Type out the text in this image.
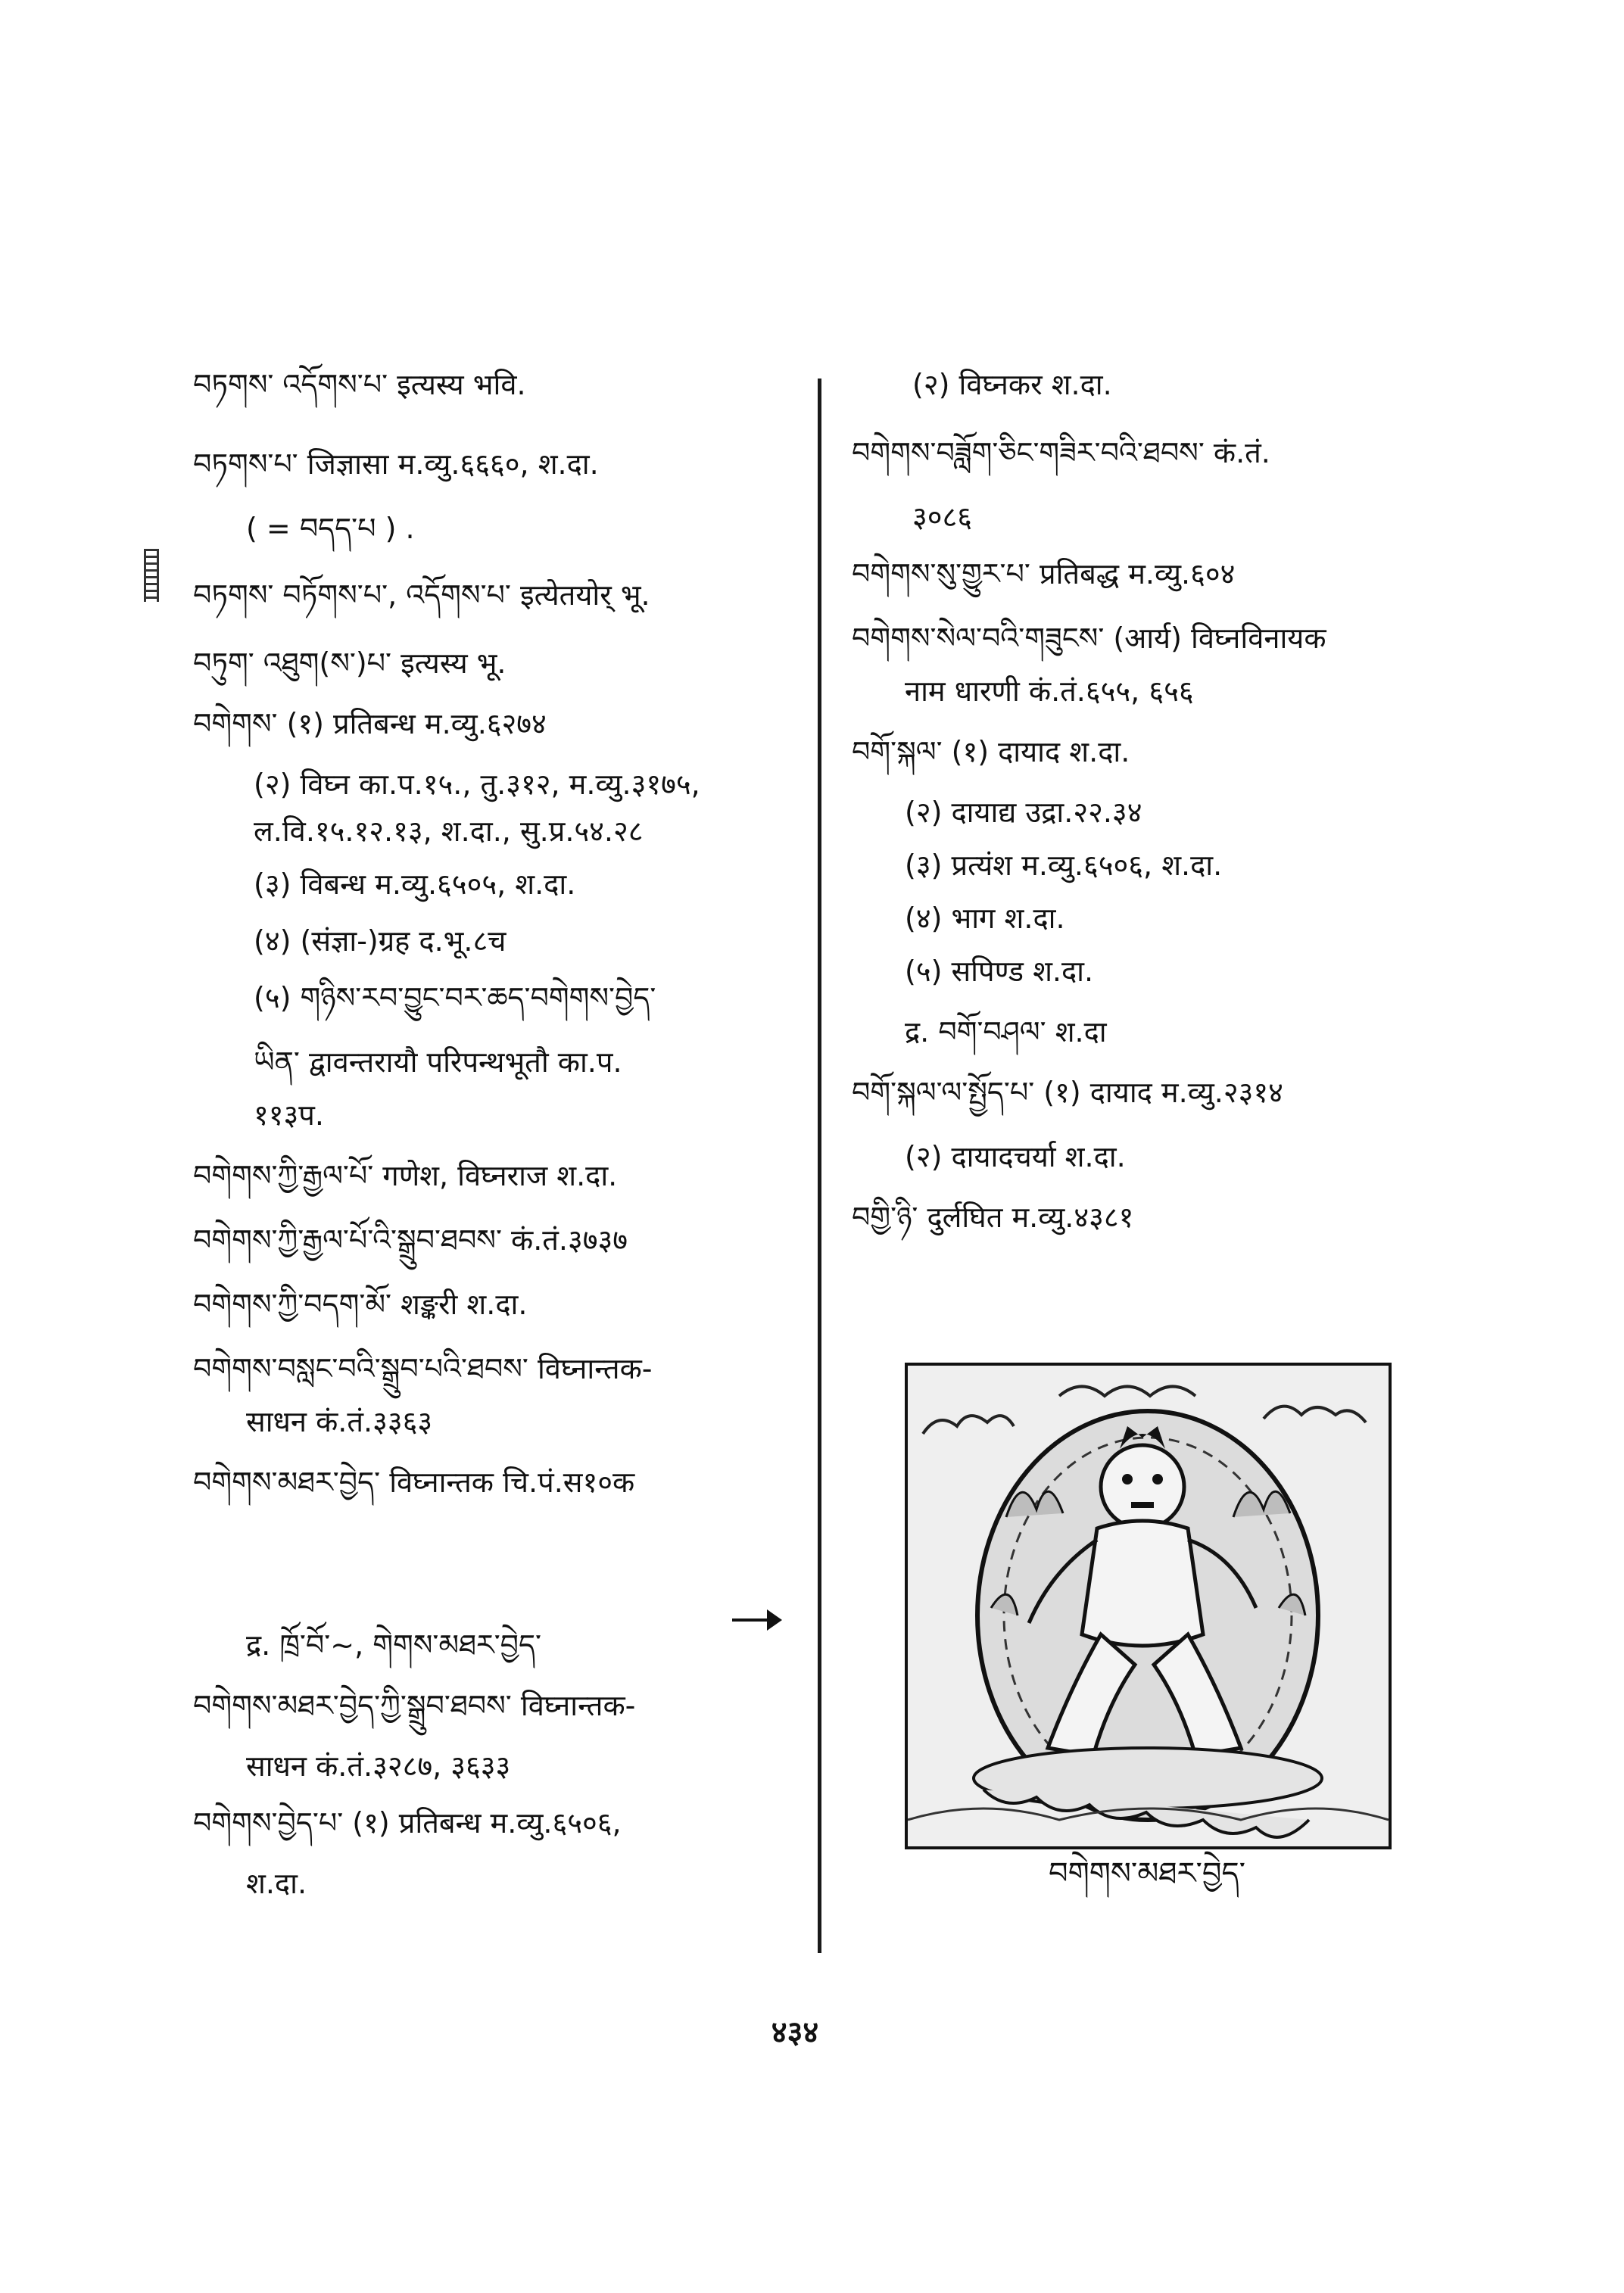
བཏགས་ འདོགས་པ་ इत्यस्य भवि.
བཏགས་པ་ जिज्ञासा म.व्यु.६६६०, श.दा.
( = བདད་པ ) .
བཏགས་ བཏོགས་པ་, འདོགས་པ་ इत्येतयोर् भू.
བཏུག་ འཐུག(ས་)པ་ इत्यस्य भू.
བགེགས་ (१) प्रतिबन्ध म.व्यु.६२७४
(२) विघ्न का.प.१५., तु.३१२, म.व्यु.३१७५,
ल.वि.१५.१२.१३, श.दा., सु.प्र.५४.२८
(३) विबन्ध म.व्यु.६५०५, श.दा.
(४) (संज्ञा-)ग्रह द.भू.८च
(५) གཉིས་རབ་བྱུང་བར་ཆད་བགེགས་བྱེད་
ཡིན་ द्वावन्तरायौ परिपन्थभूतौ का.प.
११३प.
བགེགས་ཀྱི་རྒྱལ་པོ་ गणेश, विघ्नराज श.दा.
བགེགས་ཀྱི་རྒྱལ་པོ་འི་སྒྲུབ་ཐབས་ कं.तं.३७३७
བགེགས་ཀྱི་བདག་མོ་ शङ्करी श.दा.
བགེགས་བསླང་བའི་སྒྲུབ་པའི་ཐབས་ विघ्नान्तक-
साधन कं.तं.३३६३
བགེགས་མཐར་བྱེད་ विघ्नान्तक चि.पं.स१०क
द्र. ཁྲོ་བོ་~, གེགས་མཐར་བྱེད་
བགེགས་མཐར་བྱེད་ཀྱི་སྒྲུབ་ཐབས་ विघ्नान्तक-
साधन कं.तं.३२८७, ३६३३
བགེགས་བྱེད་པ་ (१) प्रतिबन्ध म.व्यु.६५०६,
श.दा.
(२) विघ्नकर श.दा.
བགེགས་བཟློག་ཅིང་གཟིར་བའི་ཐབས་ कं.तं.
३०८६
བགེགས་སུ་གྱུར་པ་ प्रतिबद्ध म.व्यु.६०४
བགེགས་སེལ་བའི་གཟུངས་ (आर्य) विघ्नविनायक
नाम धारणी कं.तं.६५५, ६५६
བགོ་སྐལ་ (१) दायाद श.दा.
(२) दायाद्य उद्रा.२२.३४
(३) प्रत्यंश म.व्यु.६५०६, श.दा.
(४) भाग श.दा.
(५) सपिण्ड श.दा.
द्र. བགོ་བཤལ་ श.दा
བགོ་སྐལ་ལ་སྤྱོད་པ་ (१) दायाद म.व्यु.२३१४
(२) दायादचर्या श.दा.
བགྱི་ཉི་ दुर्लघित म.व्यु.४३८१
བགེགས་མཐར་བྱེད་
४३४
